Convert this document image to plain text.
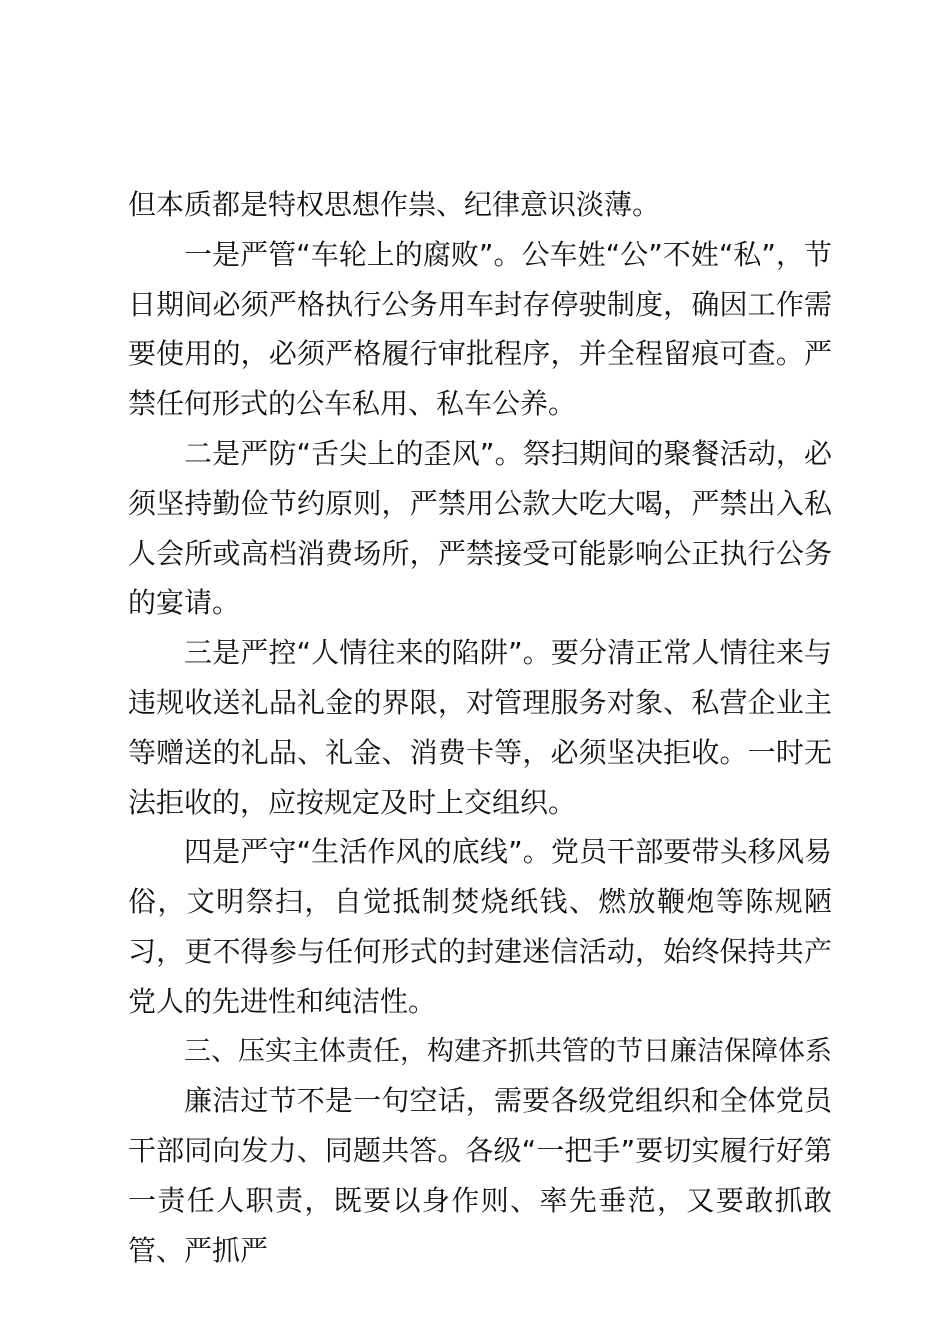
但本质都是特权思想作祟、纪律意识淡薄。

一是严管“车轮上的腐败”。公车姓“公”不姓“私”，节日期间必须严格执行公务用车封存停驶制度，确因工作需要使用的，必须严格履行审批程序，并全程留痕可查。严禁任何形式的公车私用、私车公养。

二是严防“舌尖上的歪风”。祭扫期间的聚餐活动，必须坚持勤俭节约原则，严禁用公款大吃大喝，严禁出入私人会所或高档消费场所，严禁接受可能影响公正执行公务的宴请。

三是严控“人情往来的陷阱”。要分清正常人情往来与违规收送礼品礼金的界限，对管理服务对象、私营企业主等赠送的礼品、礼金、消费卡等，必须坚决拒收。一时无法拒收的，应按规定及时上交组织。

四是严守“生活作风的底线”。党员干部要带头移风易俗，文明祭扫，自觉抵制焚烧纸钱、燃放鞭炮等陈规陋习，更不得参与任何形式的封建迷信活动，始终保持共产党人的先进性和纯洁性。

三、压实主体责任，构建齐抓共管的节日廉洁保障体系

廉洁过节不是一句空话，需要各级党组织和全体党员干部同向发力、同题共答。各级“一把手”要切实履行好第一责任人职责，既要以身作则、率先垂范，又要敢抓敢管、严抓严
